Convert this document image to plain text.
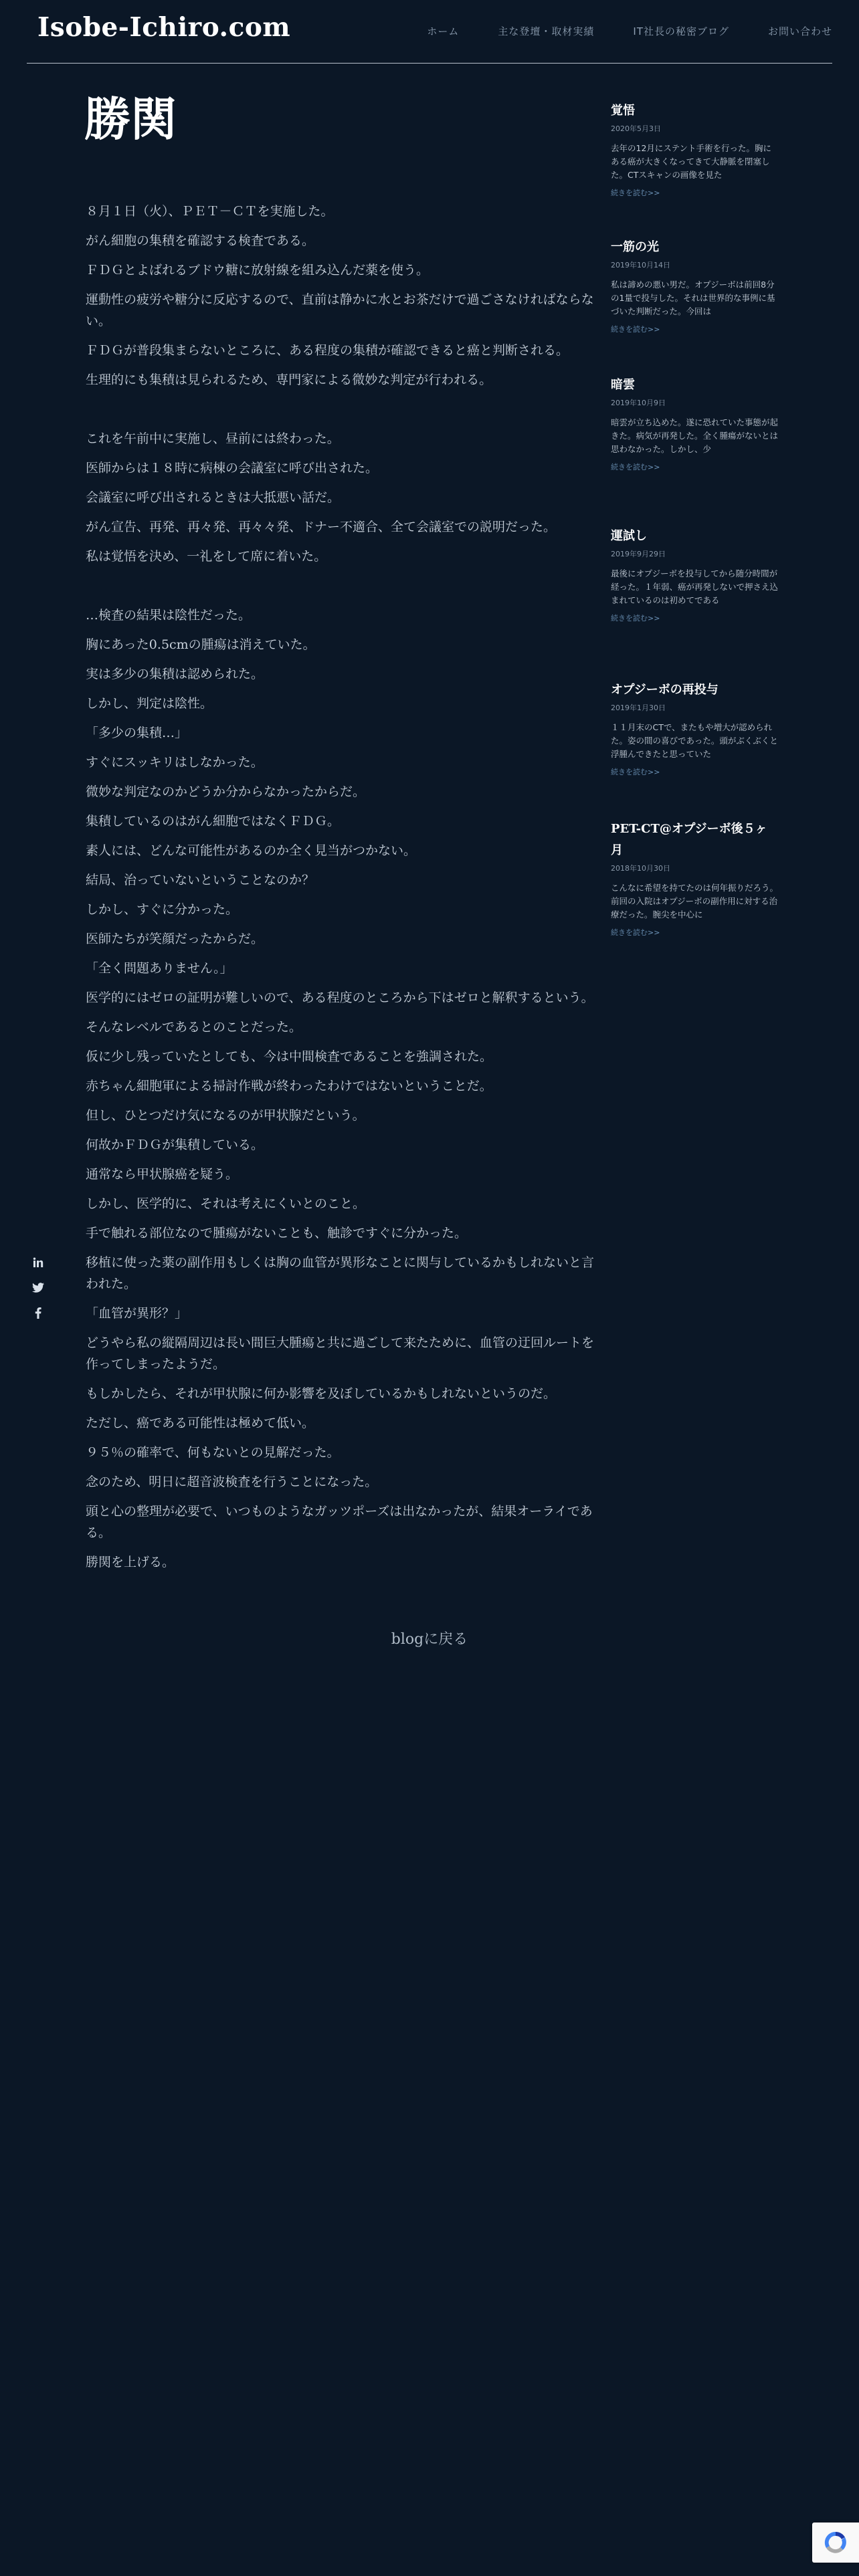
Isobe-Ichiro.com	ホーム	主な登壇・取材実績	IT社長の秘密ブログ	お問い合わせ
勝関

８月１日（火）、ＰＥＴ－ＣＴを実施した。

がん細胞の集積を確認する検査である。

ＦＤＧとよばれるブドウ糖に放射線を組み込んだ薬を使う。

運動性の疲労や糖分に反応するので、直前は静かに水とお茶だけで過ごさなければならない。

ＦＤＧが普段集まらないところに、ある程度の集積が確認できると癌と判断される。

生理的にも集積は見られるため、専門家による微妙な判定が行われる。

これを午前中に実施し、昼前には終わった。

医師からは１８時に病棟の会議室に呼び出された。

会議室に呼び出されるときは大抵悪い話だ。

がん宣告、再発、再々発、再々々発、ドナー不適合、全て会議室での説明だった。

私は覚悟を決め、一礼をして席に着いた。

…検査の結果は陰性だった。

胸にあった0.5cmの腫瘍は消えていた。

実は多少の集積は認められた。

しかし、判定は陰性。

「多少の集積…」

すぐにスッキリはしなかった。

微妙な判定なのかどうか分からなかったからだ。

集積しているのはがん細胞ではなくＦＤＧ。

素人には、どんな可能性があるのか全く見当がつかない。

結局、治っていないということなのか？

しかし、すぐに分かった。

医師たちが笑顔だったからだ。

「全く問題ありません。」

医学的にはゼロの証明が難しいので、ある程度のところから下はゼロと解釈するという。

そんなレベルであるとのことだった。

仮に少し残っていたとしても、今は中間検査であることを強調された。

赤ちゃん細胞軍による掃討作戦が終わったわけではないということだ。

但し、ひとつだけ気になるのが甲状腺だという。

何故かＦＤＧが集積している。

通常なら甲状腺癌を疑う。

しかし、医学的に、それは考えにくいとのこと。

手で触れる部位なので腫瘍がないことも、触診ですぐに分かった。

移植に使った薬の副作用もしくは胸の血管が異形なことに関与しているかもしれないと言われた。

「血管が異形？」

どうやら私の縦隔周辺は長い間巨大腫瘍と共に過ごして来たために、血管の迂回ルートを作ってしまったようだ。

もしかしたら、それが甲状腺に何か影響を及ぼしているかもしれないというのだ。

ただし、癌である可能性は極めて低い。

９５％の確率で、何もないとの見解だった。

念のため、明日に超音波検査を行うことになった。

頭と心の整理が必要で、いつものようなガッツポーズは出なかったが、結果オーライである。

勝関を上げる。

blogに戻る
覚悟
2020年5月3日
去年の12月にステント手術を行った。胸にある癌が大きくなってきて大静脈を閉塞した。CTスキャンの画像を見た
続きを読む>>
一筋の光
2019年10月14日
私は諦めの悪い男だ。オプジーボは前回8分の1量で投与した。それは世界的な事例に基づいた判断だった。今回は
続きを読む>>
暗雲
2019年10月9日
暗雲が立ち込めた。遂に恐れていた事態が起きた。病気が再発した。全く腫瘍がないとは思わなかった。しかし、少
続きを読む>>
運試し
2019年9月29日
最後にオプジーボを投与してから随分時間が経った。１年弱、癌が再発しないで押さえ込まれているのは初めてである
続きを読む>>
オプジーボの再投与
2019年1月30日
１１月末のCTで、またもや増大が認められた。姿の間の喜びであった。頭がぶくぶくと浮腫んできたと思っていた
続きを読む>>
PET-CT@オプジーボ後５ヶ月
2018年10月30日
こんなに希望を持てたのは何年振りだろう。前回の入院はオプジーボの副作用に対する治療だった。腕尖を中心に
続きを読む>>
